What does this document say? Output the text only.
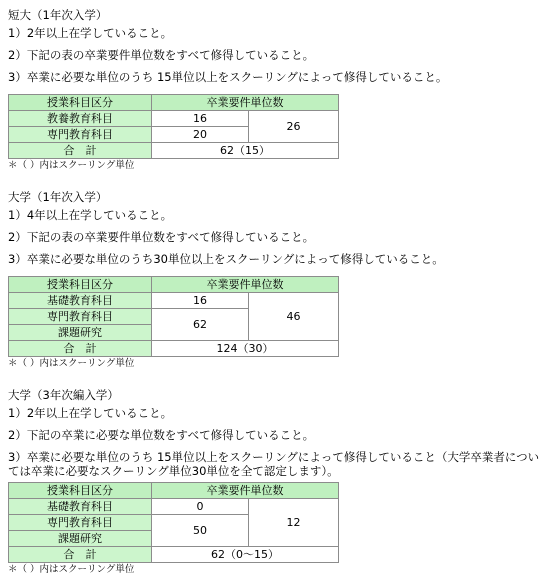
短大（1年次入学）
1）2年以上在学していること。
2）下記の表の卒業要件単位数をすべて修得していること。
3）卒業に必要な単位のうち 15単位以上をスクーリングによって修得していること。
授業科目区分	卒業要件単位数	
教養教育科目	16	26
専門教育科目	20	
合　計	62（15）	
＊（ ）内はスクーリング単位
大学（1年次入学）
1）4年以上在学していること。
2）下記の表の卒業要件単位数をすべて修得していること。
3）卒業に必要な単位のうち30単位以上をスクーリングによって修得していること。
授業科目区分	卒業要件単位数	
基礎教育科目	16	46
専門教育科目	62	
課題研究		
合　計	124（30）	
＊（ ）内はスクーリング単位
大学（3年次編入学）
1）2年以上在学していること。
2）下記の卒業に必要な単位数をすべて修得していること。
3）卒業に必要な単位のうち 15単位以上をスクーリングによって修得していること（大学卒業者については卒業に必要なスクーリング単位30単位を全て認定します）。
授業科目区分	卒業要件単位数	
基礎教育科目	0	12
専門教育科目	50	
課題研究		
合　計	62（0～15）	
＊（ ）内はスクーリング単位
